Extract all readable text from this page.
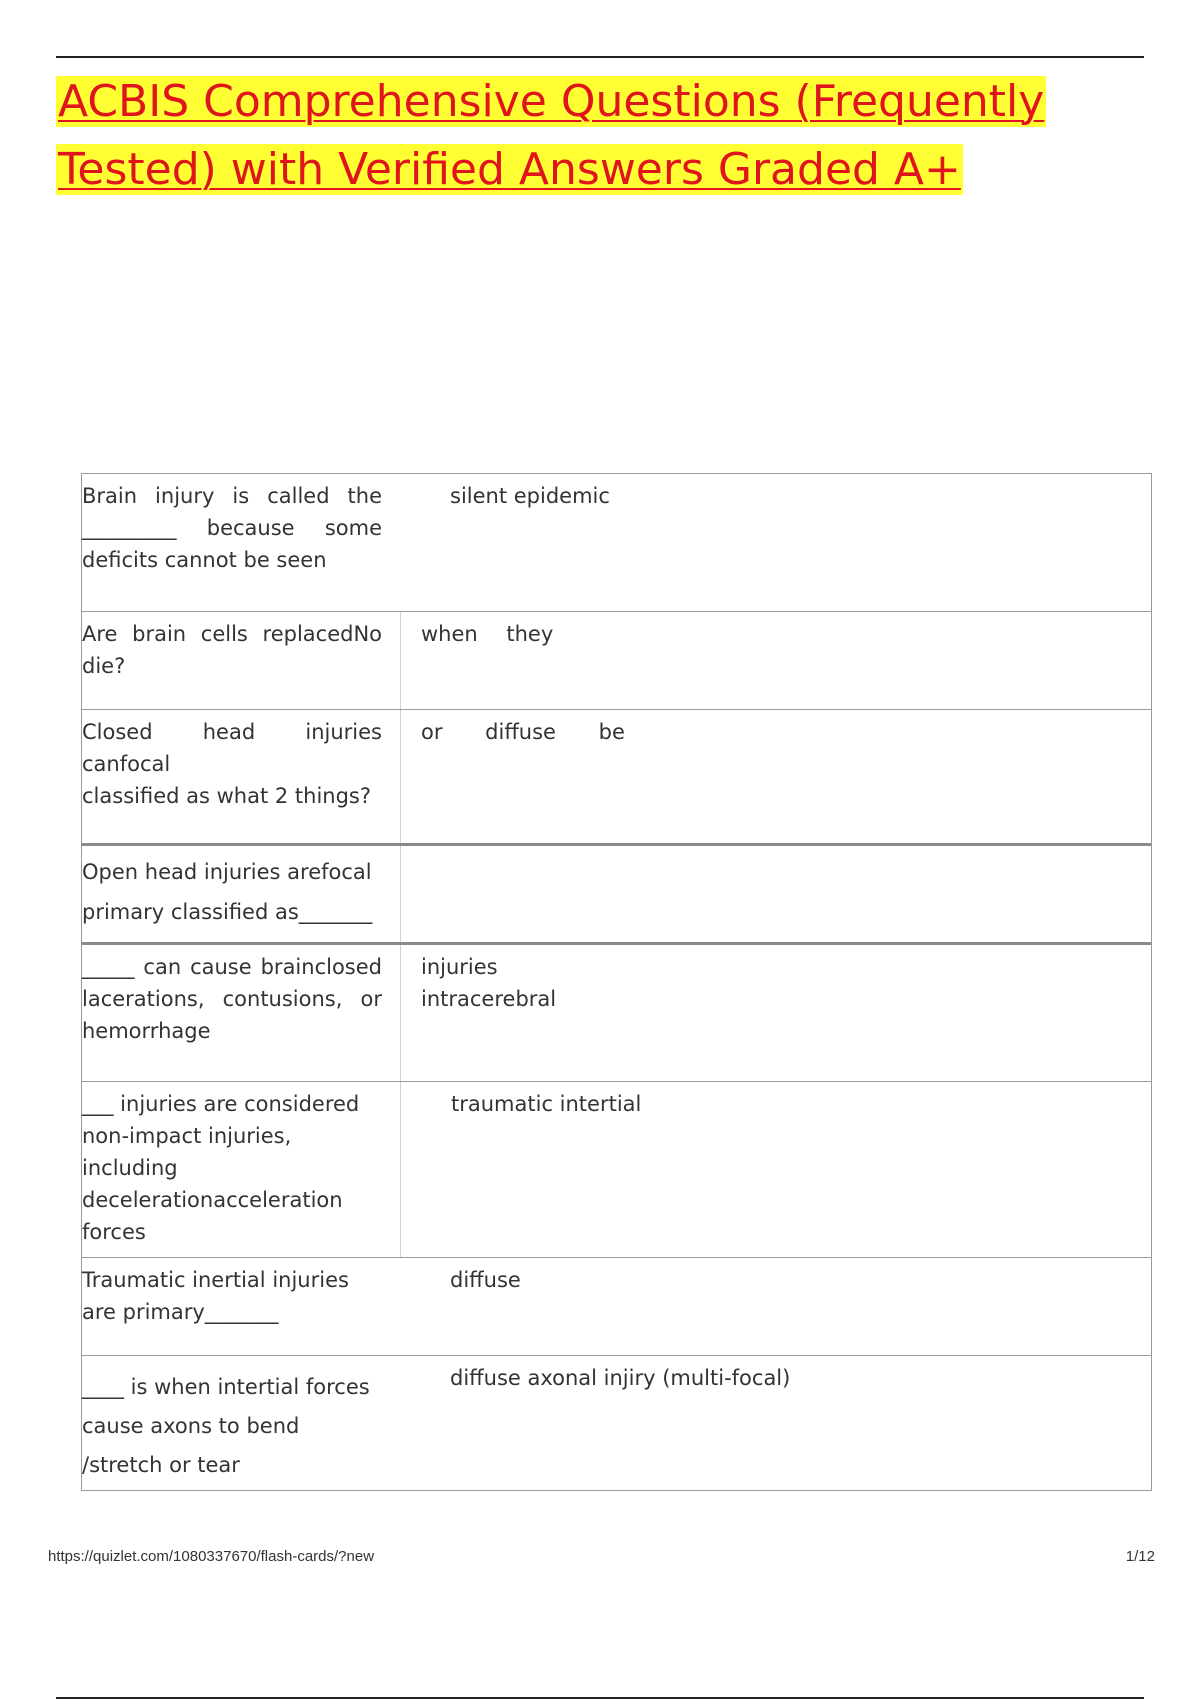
ACBIS Comprehensive Questions (Frequently
Tested) with Verified Answers Graded A+
Brain injury is called the
_________ because some
deficits cannot be seen
silent epidemic
Are brain cells replacedNo
die?
when they
Closed head injuries canfocal
classified as what 2 things?
or diffuse be
Open head injuries arefocal
primary classified as_______
_____ can cause brainclosed
lacerations, contusions, or
hemorrhage
injuries
intracerebral
___ injuries are considered
non-impact injuries,
including
decelerationacceleration
forces
traumatic intertial
Traumatic inertial injuries
are primary_______
diffuse
____ is when intertial forces
cause axons to bend
/stretch or tear
diffuse axonal injiry (multi-focal)
https://quizlet.com/1080337670/flash-cards/?new	1/12
